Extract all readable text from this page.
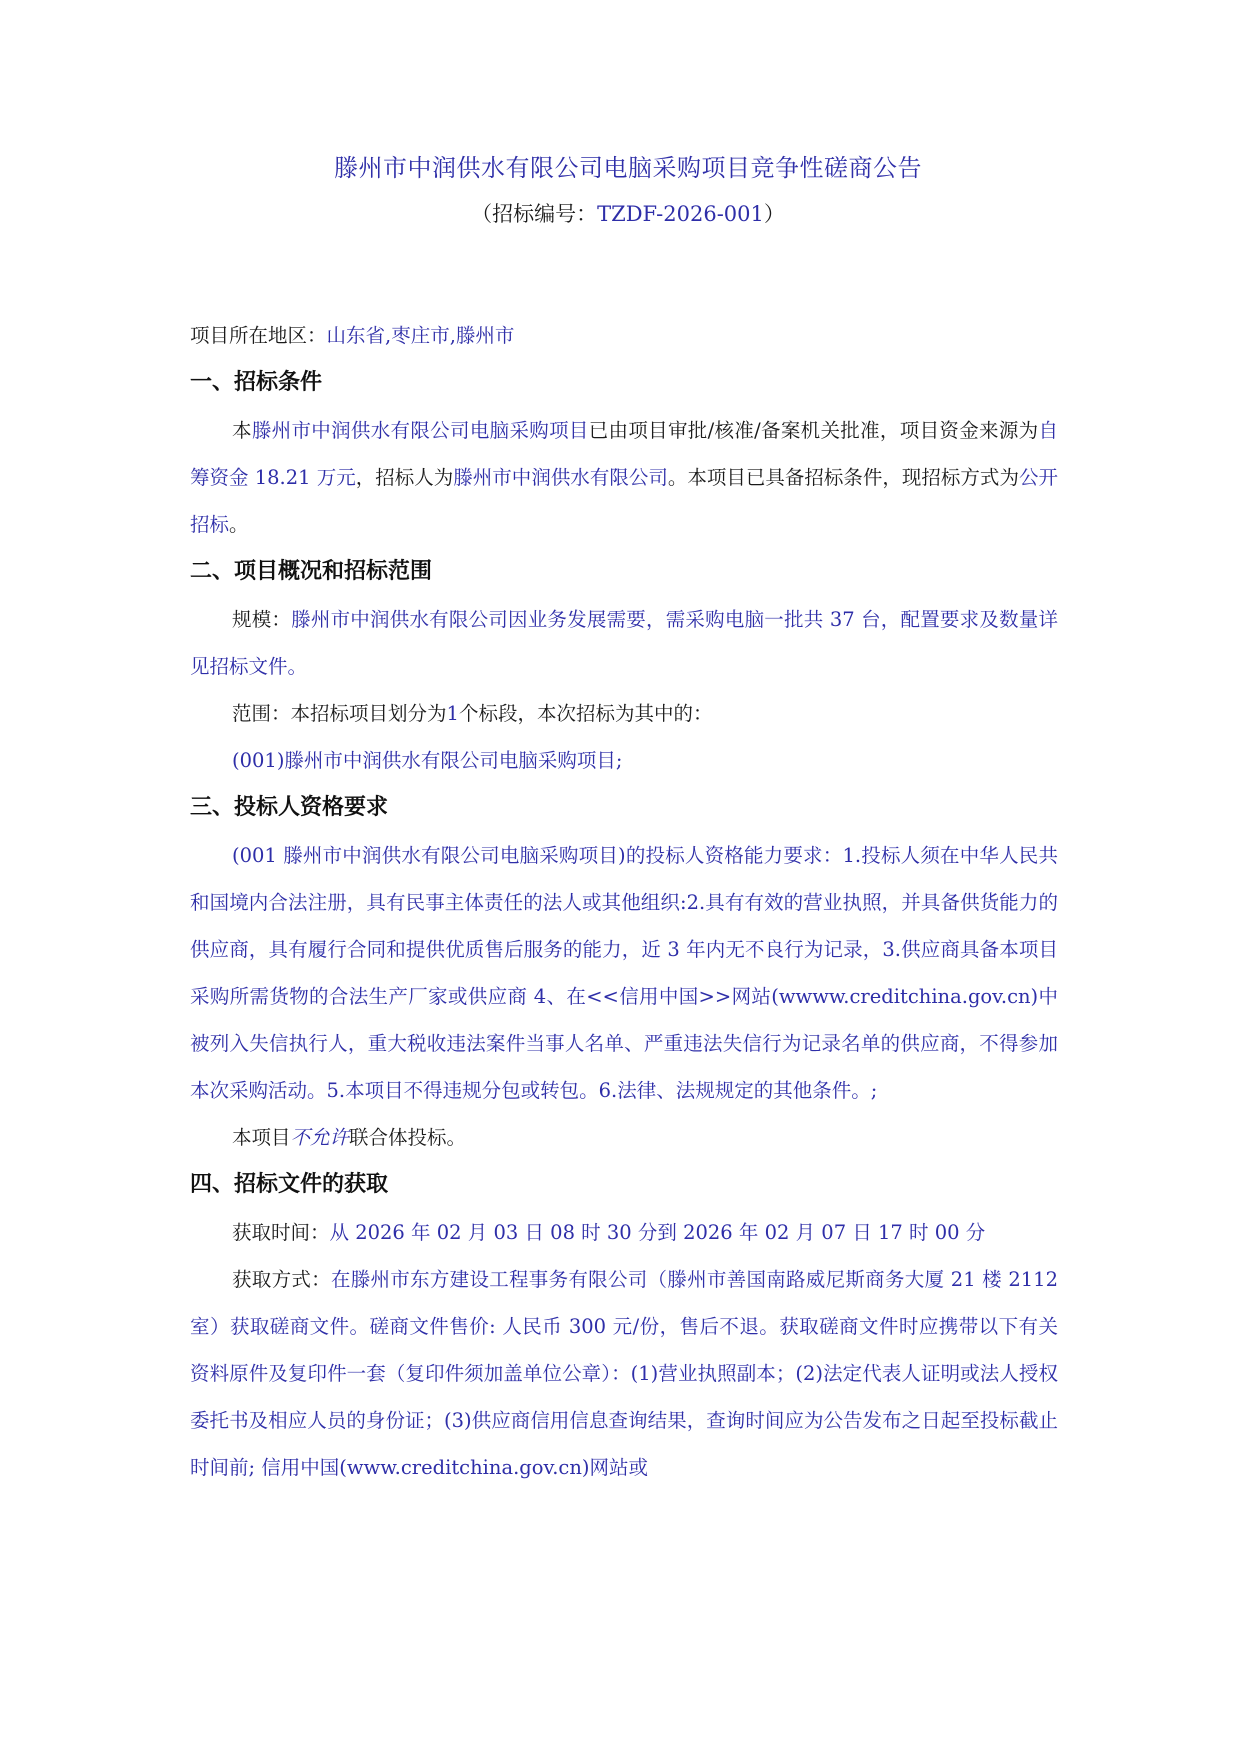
滕州市中润供水有限公司电脑采购项目竞争性磋商公告
（招标编号：TZDF-2026-001）
项目所在地区：山东省,枣庄市,滕州市
一、招标条件
本滕州市中润供水有限公司电脑采购项目已由项目审批/核准/备案机关批准，项目资金来源为自筹资金 18.21 万元，招标人为滕州市中润供水有限公司。本项目已具备招标条件，现招标方式为公开招标。
二、项目概况和招标范围
规模：滕州市中润供水有限公司因业务发展需要，需采购电脑一批共 37 台，配置要求及数量详见招标文件。
范围：本招标项目划分为1个标段，本次招标为其中的：
(001)滕州市中润供水有限公司电脑采购项目;
三、投标人资格要求
(001 滕州市中润供水有限公司电脑采购项目)的投标人资格能力要求：1.投标人须在中华人民共和国境内合法注册，具有民事主体责任的法人或其他组织:2.具有有效的营业执照，并具备供货能力的供应商，具有履行合同和提供优质售后服务的能力，近 3 年内无不良行为记录，3.供应商具备本项目采购所需货物的合法生产厂家或供应商 4、在<<信用中国>>网站(wwww.creditchina.gov.cn)中被列入失信执行人，重大税收违法案件当事人名单、严重违法失信行为记录名单的供应商，不得参加本次采购活动。5.本项目不得违规分包或转包。6.法律、法规规定的其他条件。;
本项目不允许联合体投标。
四、招标文件的获取
获取时间：从 2026 年 02 月 03 日 08 时 30 分到 2026 年 02 月 07 日 17 时 00 分
获取方式：在滕州市东方建设工程事务有限公司（滕州市善国南路威尼斯商务大厦 21 楼 2112 室）获取磋商文件。磋商文件售价: 人民币 300 元/份，售后不退。获取磋商文件时应携带以下有关资料原件及复印件一套（复印件须加盖单位公章）：(1)营业执照副本；(2)法定代表人证明或法人授权委托书及相应人员的身份证；(3)供应商信用信息查询结果，查询时间应为公告发布之日起至投标截止时间前; 信用中国(www.creditchina.gov.cn)网站或
